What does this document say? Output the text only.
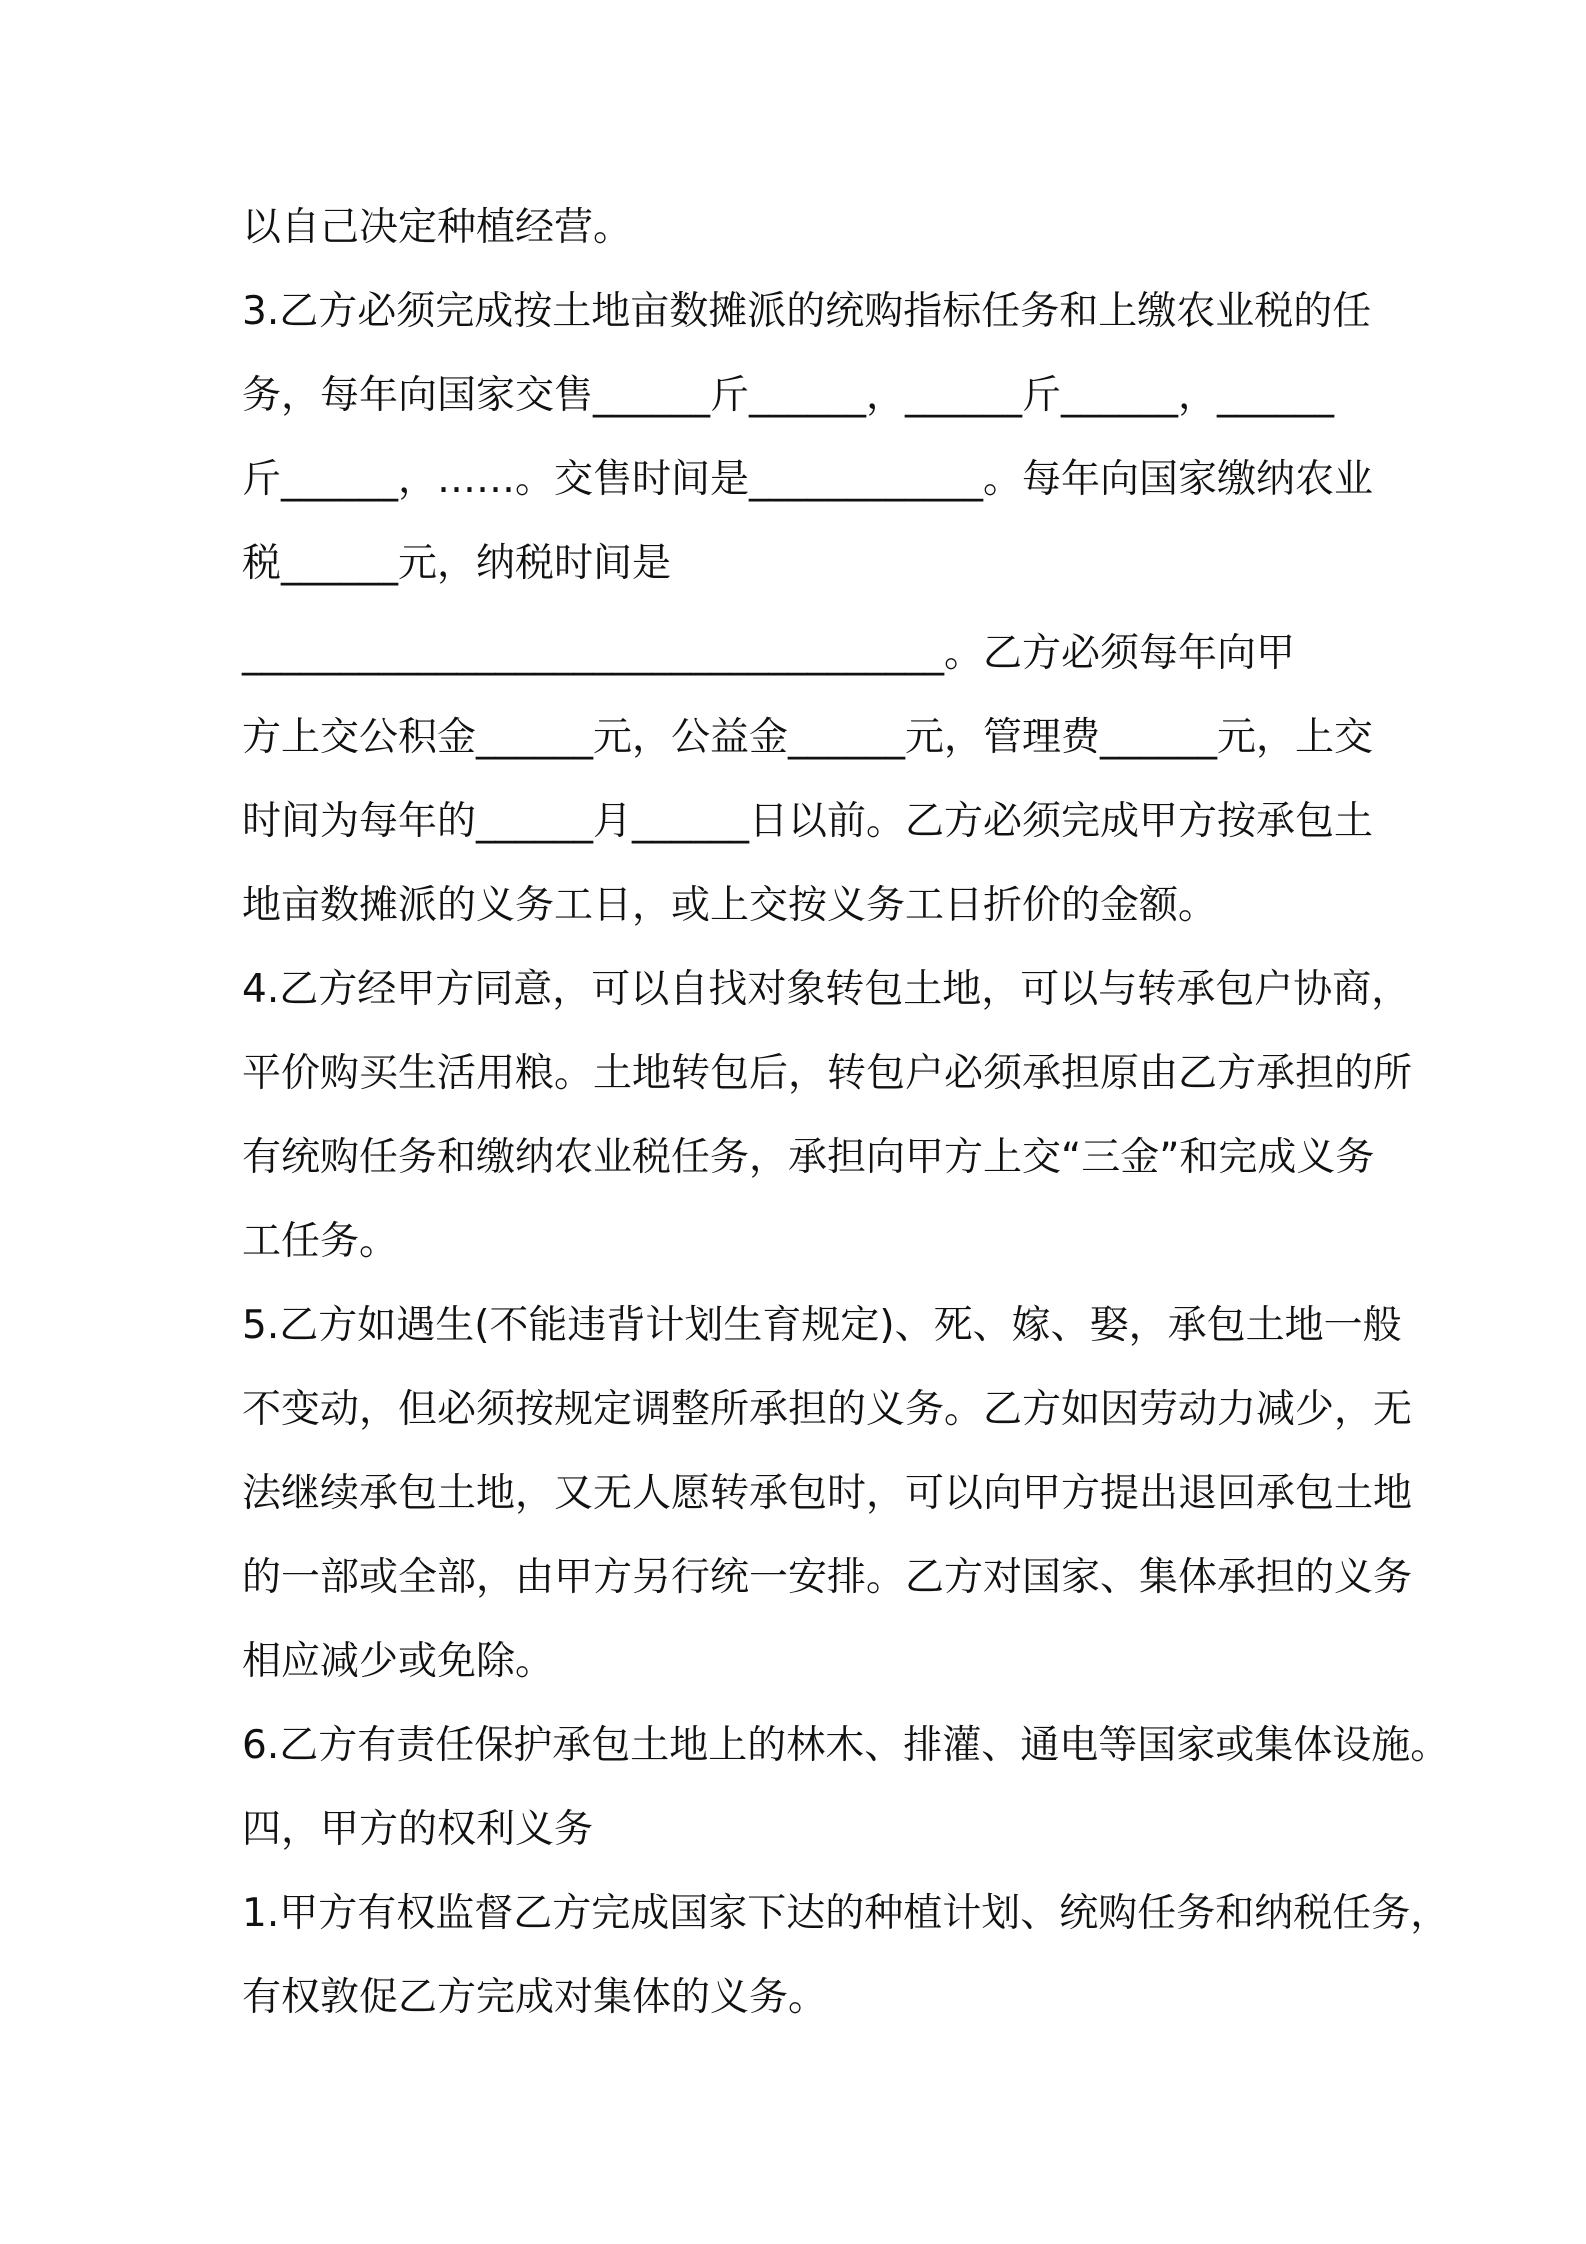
以自己决定种植经营。
3.乙方必须完成按土地亩数摊派的统购指标任务和上缴农业税的任
务，每年向国家交售______斤______，______斤______，______
斤______，……。交售时间是____________。每年向国家缴纳农业
税______元，纳税时间是
____________________________________。乙方必须每年向甲
方上交公积金______元，公益金______元，管理费______元，上交
时间为每年的______月______日以前。乙方必须完成甲方按承包土
地亩数摊派的义务工日，或上交按义务工日折价的金额。
4.乙方经甲方同意，可以自找对象转包土地，可以与转承包户协商，
平价购买生活用粮。土地转包后，转包户必须承担原由乙方承担的所
有统购任务和缴纳农业税任务，承担向甲方上交“三金”和完成义务
工任务。
5.乙方如遇生(不能违背计划生育规定)、死、嫁、娶，承包土地一般
不变动，但必须按规定调整所承担的义务。乙方如因劳动力减少，无
法继续承包土地，又无人愿转承包时，可以向甲方提出退回承包土地
的一部或全部，由甲方另行统一安排。乙方对国家、集体承担的义务
相应减少或免除。
6.乙方有责任保护承包土地上的林木、排灌、通电等国家或集体设施。
四，甲方的权利义务
1.甲方有权监督乙方完成国家下达的种植计划、统购任务和纳税任务，
有权敦促乙方完成对集体的义务。
